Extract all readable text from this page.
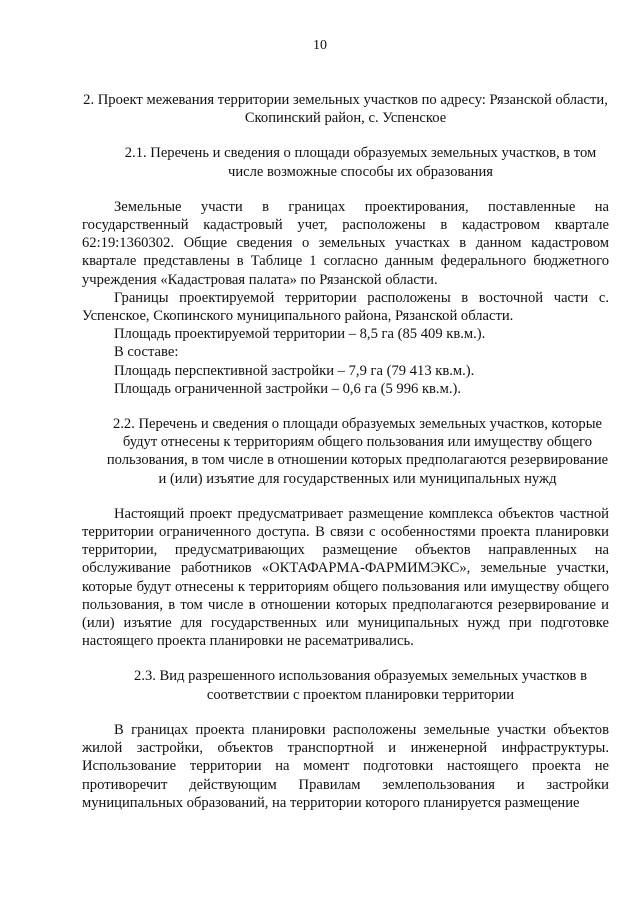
10

2. Проект межевания территории земельных участков по адресу: Рязанской области, Скопинский район, с. Успенское

2.1. Перечень и сведения о площади образуемых земельных участков, в том числе возможные способы их образования

Земельные участи в границах проектирования, поставленные на государственный кадастровый учет, расположены в кадастровом квартале 62:19:1360302. Общие сведения о земельных участках в данном кадастровом квартале представлены в Таблице 1 согласно данным федерального бюджетного учреждения «Кадастровая палата» по Рязанской области.

Границы проектируемой территории расположены в восточной части с. Успенское, Скопинского муниципального района, Рязанской области.

Площадь проектируемой территории – 8,5 га (85 409 кв.м.).

В составе:

Площадь перспективной застройки – 7,9 га (79 413 кв.м.).

Площадь ограниченной застройки – 0,6 га (5 996 кв.м.).

2.2. Перечень и сведения о площади образуемых земельных участков, которые будут отнесены к территориям общего пользования или имуществу общего пользования, в том числе в отношении которых предполагаются резервирование и (или) изъятие для государственных или муниципальных нужд

Настоящий проект предусматривает размещение комплекса объектов частной территории ограниченного доступа. В связи с особенностями проекта планировки территории, предусматривающих размещение объектов направленных на обслуживание работников «ОКТАФАРМА-ФАРМИМЭКС», земельные участки, которые будут отнесены к территориям общего пользования или имуществу общего пользования, в том числе в отношении которых предполагаются резервирование и (или) изъятие для государственных или муниципальных нужд при подготовке настоящего проекта планировки не расематривались.

2.3. Вид разрешенного использования образуемых земельных участков в соответствии с проектом планировки территории

В границах проекта планировки расположены земельные участки объектов жилой застройки, объектов транспортной и инженерной инфраструктуры. Использование территории на момент подготовки настоящего проекта не противоречит действующим Правилам землепользования и застройки муниципальных образований, на территории которого планируется размещение
